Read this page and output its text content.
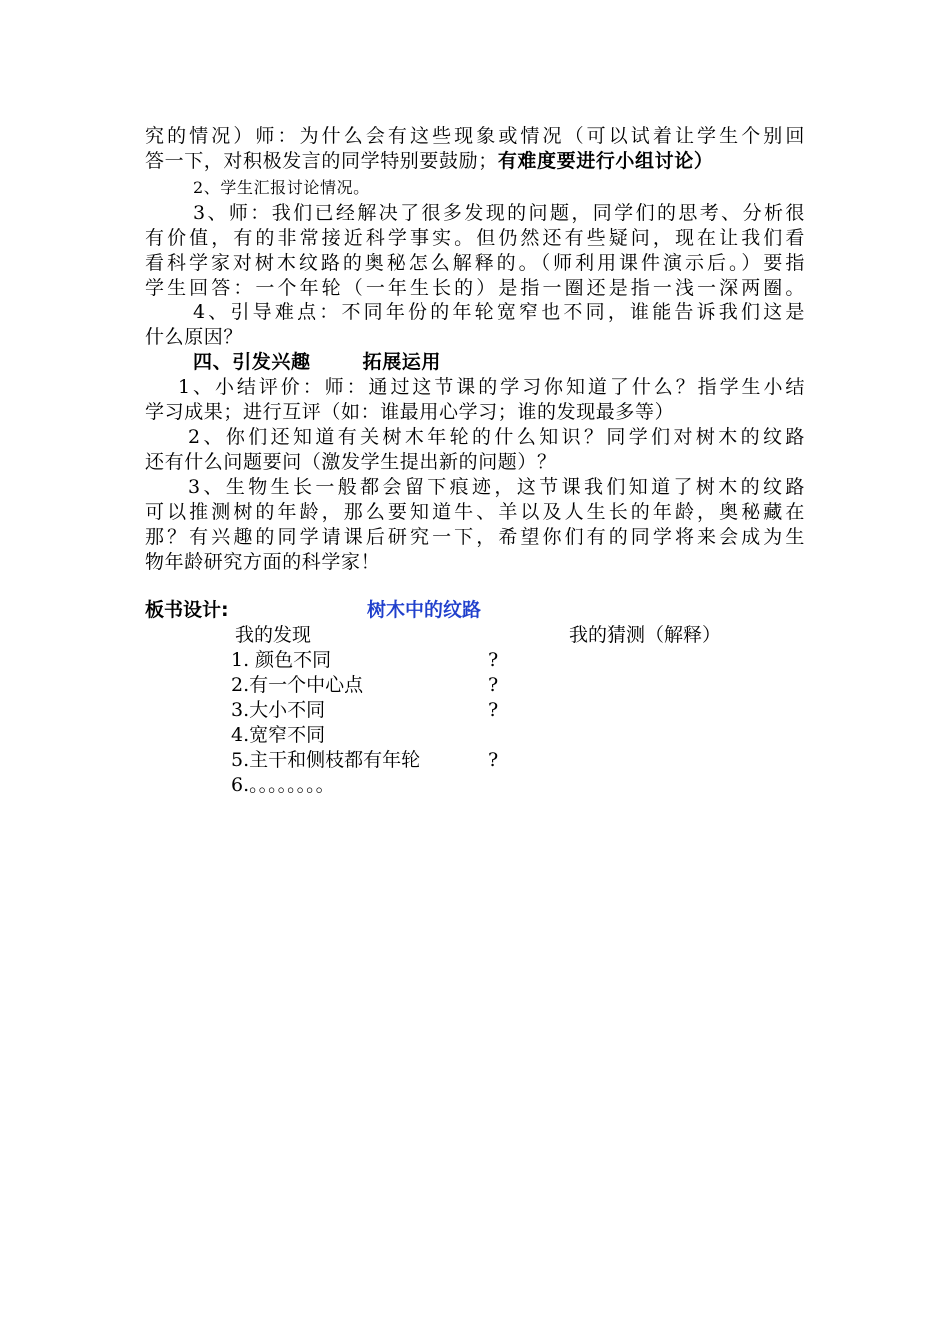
究的情况）师：为什么会有这些现象或情况（可以试着让学生个别回
答一下，对积极发言的同学特别要鼓励；有难度要进行小组讨论）
2、学生汇报讨论情况。
3、师：我们已经解决了很多发现的问题，同学们的思考、分析很
有价值，有的非常接近科学事实。但仍然还有些疑问，现在让我们看
看科学家对树木纹路的奥秘怎么解释的。（师利用课件演示后。）要指
学生回答：一个年轮（一年生长的）是指一圈还是指一浅一深两圈。
4、引导难点：不同年份的年轮宽窄也不同，谁能告诉我们这是
什么原因？
四、引发兴趣	拓展运用
1、小结评价：师：通过这节课的学习你知道了什么？指学生小结
学习成果；进行互评（如：谁最用心学习；谁的发现最多等）
2、你们还知道有关树木年轮的什么知识？同学们对树木的纹路
还有什么问题要问（激发学生提出新的问题）？
3、生物生长一般都会留下痕迹，这节课我们知道了树木的纹路
可以推测树的年龄，那么要知道牛、羊以及人生长的年龄，奥秘藏在
那？有兴趣的同学请课后研究一下，希望你们有的同学将来会成为生
物年龄研究方面的科学家！
板书设计:	树木中的纹路
我的发现	我的猜测（解释）
1. 颜色不同	?
2.有一个中心点	?
3.大小不同	?
4.宽窄不同
5.主干和侧枝都有年轮	?
6.。。。。。。。。
